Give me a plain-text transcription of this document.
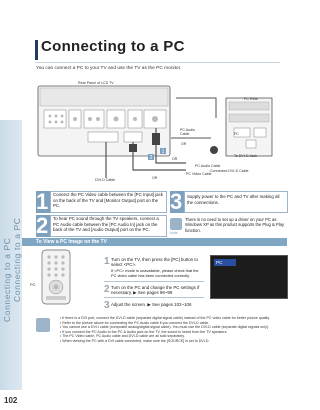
Connecting to a PC Connecting to a PC
Connecting to a PC
You can connect a PC to your TV and use the TV as the PC monitor.
1
2
Rear Panel of LCD TV
PC Rear
PC Audio Cable
OR
PC
To DVI-D Jack
PC Audio Cable
Connected DVI-D Cable
PC Video Cable
OR
DVI-D Cable
OR
1 Connect the PC Video cable between the [PC Input] jack on the back of the TV and [Monitor Output] port on the PC.
2 To hear PC sound through the TV speakers, connect a PC Audio cable between the [PC Audio In] jack on the back of the TV and [Audio Output] port on the PC.
3 Supply power to the PC and TV after making all the connections.
Note
There is no need to set up a driver on your PC as Windows XP as this product supports the Plug & Play function.
To View a PC Image on the TV
PC
1 Turn on the TV, then press the [PC] button to select <PC>.
If <PC> mode is unavailable, please check that the PC video cable has been connected correctly.
2 Turn on the PC and change the PC settings if necessary. ▶ See pages 98~99
3 Adjust the screen. ▶ See pages 102~106
PC
• If there is a DVI port, connect the DVI-D cable (separate digital signal cable) instead of the PC video cable for better picture quality.
• Refer to the picture above for connecting the PC Audio cable if you connect the DVI-D cable.
• You cannot use a DVI-I cable (composite analog/digital signal cable). You must use the DVI-D cable (separate digital signals only).
• If you connect the PC Audio to the PC & Audio jack on the TV, the sound is heard from the TV speakers.
• The PC Video cable, PC Audio cable and DVI-D cable are all sold separately.
• When viewing the PC with a DVI cable connected, make sure the [SOURCE] is set to DVI-D.
102
